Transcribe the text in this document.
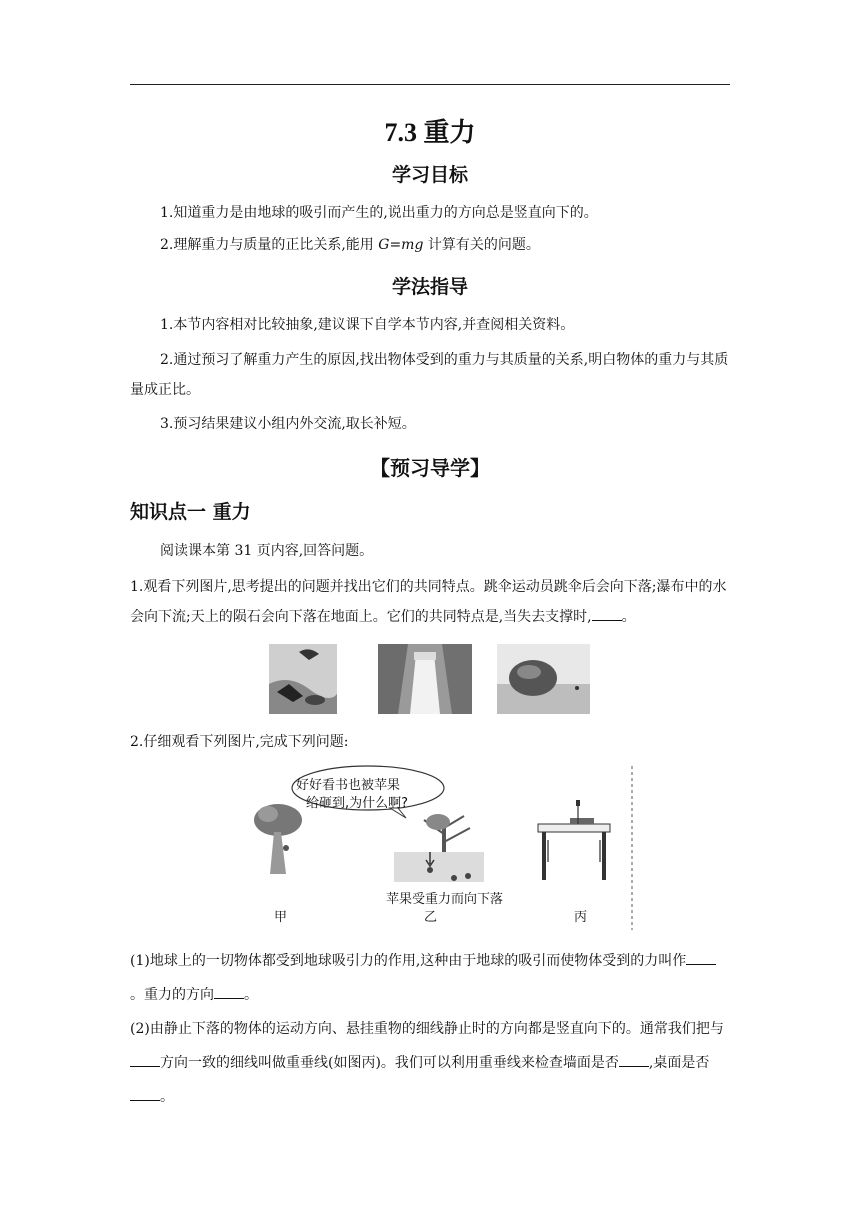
7.3 重力
学习目标
1.知道重力是由地球的吸引而产生的,说出重力的方向总是竖直向下的。
2.理解重力与质量的正比关系,能用 G=mg 计算有关的问题。
学法指导
1.本节内容相对比较抽象,建议课下自学本节内容,并查阅相关资料。
2.通过预习了解重力产生的原因,找出物体受到的重力与其质量的关系,明白物体的重力与其质量成正比。
3.预习结果建议小组内外交流,取长补短。
【预习导学】
知识点一 重力
阅读课本第 31 页内容,回答问题。
1.观看下列图片,思考提出的问题并找出它们的共同特点。跳伞运动员跳伞后会向下落;瀑布中的水会向下流;天上的陨石会向下落在地面上。它们的共同特点是,当失去支撑时, 。
2.仔细观看下列图片,完成下列问题:
好好看书也被苹果
给砸到,为什么啊?
苹果受重力而向下落
甲	乙	丙
(1)地球上的一切物体都受到地球吸引力的作用,这种由于地球的吸引而使物体受到的力叫作。重力的方向 。
(2)由静止下落的物体的运动方向、悬挂重物的细线静止时的方向都是竖直向下的。通常我们把与方向一致的细线叫做重垂线(如图丙)。我们可以利用重垂线来检查墙面是否 ,桌面是否。
